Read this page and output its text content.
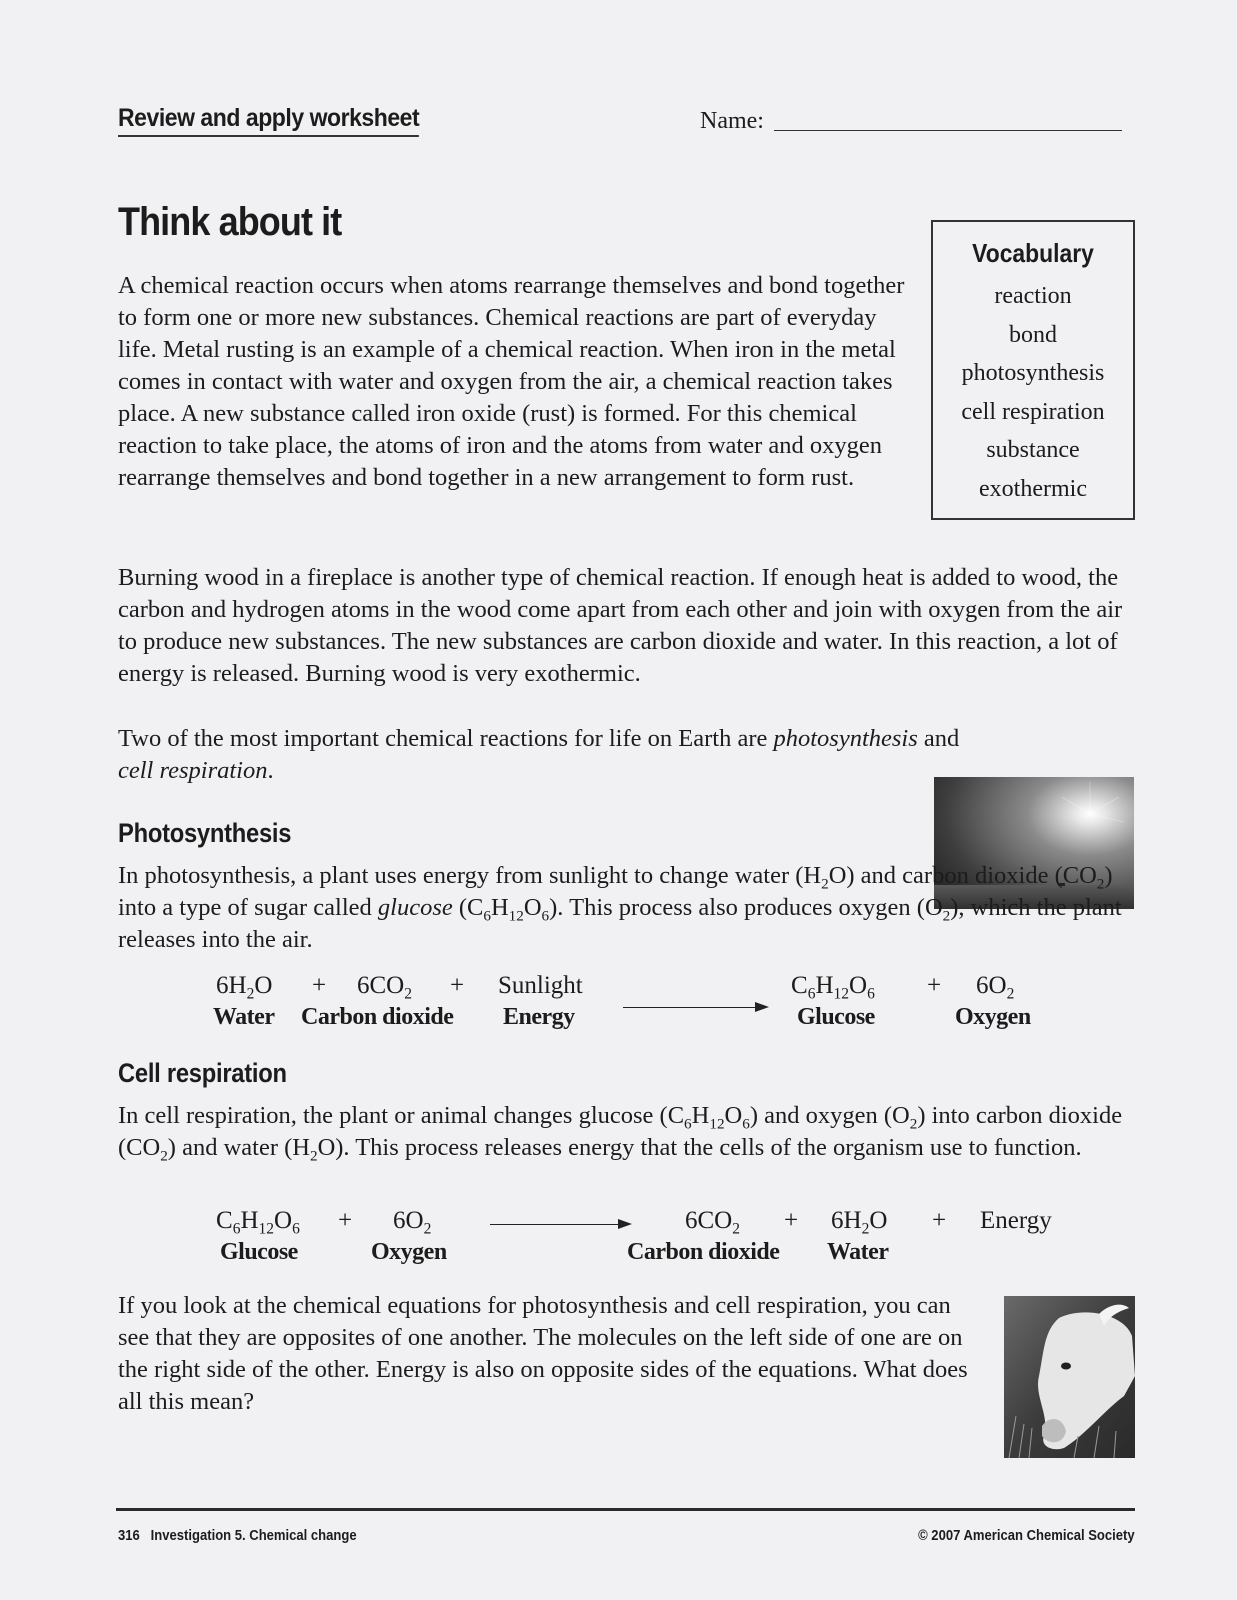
Review and apply worksheet	Name:
Think about it
A chemical reaction occurs when atoms rearrange themselves and bond together to form one or more new substances. Chemical reactions are part of everyday life. Metal rusting is an example of a chemical reaction. When iron in the metal comes in contact with water and oxygen from the air, a chemical reaction takes place. A new substance called iron oxide (rust) is formed. For this chemical reaction to take place, the atoms of iron and the atoms from water and oxygen rearrange themselves and bond together in a new arrangement to form rust.
Vocabulary
reaction
bond
photosynthesis
cell respiration
substance
exothermic
Burning wood in a fireplace is another type of chemical reaction. If enough heat is added to wood, the carbon and hydrogen atoms in the wood come apart from each other and join with oxygen from the air to produce new substances. The new substances are carbon dioxide and water. In this reaction, a lot of energy is released. Burning wood is very exothermic.
Two of the most important chemical reactions for life on Earth are photosynthesis and
cell respiration.
Photosynthesis
In photosynthesis, a plant uses energy from sunlight to change water $(H_2O)$ and carbon dioxide $(CO_2)$ into a type of sugar called glucose $(C_6H_{12}O_6)$. This process also produces oxygen $(O_2)$, which the plant releases into the air.
$6H_2O + 6CO_2$ + Sunlight	$C_6H_{12}O_6 + 6O_2$
Water Carbon dioxide Energy	Glucose	Oxygen
Cell respiration
In cell respiration, the plant or animal changes glucose $(C_6H_{12}O_6)$ and oxygen $(O_2)$ into carbon dioxide $(CO_2)$ and water $(H_2O)$. This process releases energy that the cells of the organism use to function.
$C_6H_{12}O_6 + 6O_2$	$6CO_2 + 6H_2O$ + Energy
Glucose	Oxygen	Carbon dioxide Water
If you look at the chemical equations for photosynthesis and cell respiration, you can see that they are opposites of one another. The molecules on the left side of one are on the right side of the other. Energy is also on opposite sides of the equations. What does all this mean?
316   Investigation 5. Chemical change	© 2007 American Chemical Society
